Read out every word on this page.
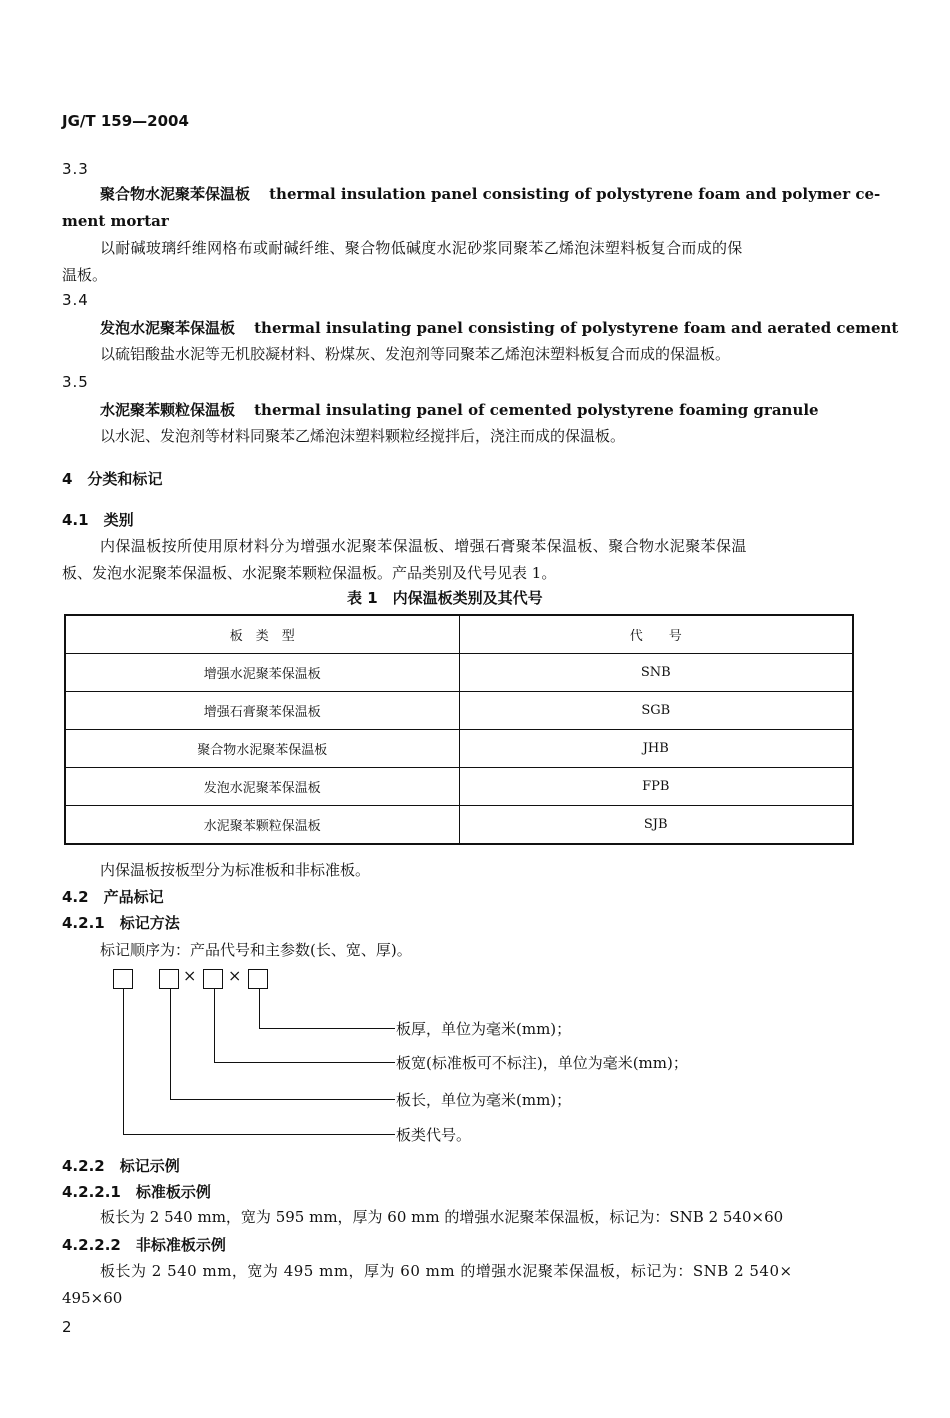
JG/T 159—2004
3.3
聚合物水泥聚苯保温板 thermal insulation panel consisting of polystyrene foam and polymer ce-
ment mortar
以耐碱玻璃纤维网格布或耐碱纤维、聚合物低碱度水泥砂浆同聚苯乙烯泡沫塑料板复合而成的保
温板。
3.4
发泡水泥聚苯保温板 thermal insulating panel consisting of polystyrene foam and aerated cement
以硫铝酸盐水泥等无机胶凝材料、粉煤灰、发泡剂等同聚苯乙烯泡沫塑料板复合而成的保温板。
3.5
水泥聚苯颗粒保温板 thermal insulating panel of cemented polystyrene foaming granule
以水泥、发泡剂等材料同聚苯乙烯泡沫塑料颗粒经搅拌后，浇注而成的保温板。
4　分类和标记
4.1　类别
内保温板按所使用原材料分为增强水泥聚苯保温板、增强石膏聚苯保温板、聚合物水泥聚苯保温
板、发泡水泥聚苯保温板、水泥聚苯颗粒保温板。产品类别及代号见表 1。
表 1　内保温板类别及其代号
板　类　型	代　　号
增强水泥聚苯保温板	SNB
增强石膏聚苯保温板	SGB
聚合物水泥聚苯保温板	JHB
发泡水泥聚苯保温板	FPB
水泥聚苯颗粒保温板	SJB
内保温板按板型分为标准板和非标准板。
4.2　产品标记
4.2.1　标记方法
标记顺序为：产品代号和主参数(长、宽、厚)。
× ×
板厚，单位为毫米(mm)；
板宽(标准板可不标注)，单位为毫米(mm)；
板长，单位为毫米(mm)；
板类代号。
4.2.2　标记示例
4.2.2.1　标准板示例
板长为 2 540 mm，宽为 595 mm，厚为 60 mm 的增强水泥聚苯保温板，标记为：SNB 2 540×60
4.2.2.2　非标准板示例
板长为 2 540 mm，宽为 495 mm，厚为 60 mm 的增强水泥聚苯保温板，标记为：SNB 2 540×
495×60
2
